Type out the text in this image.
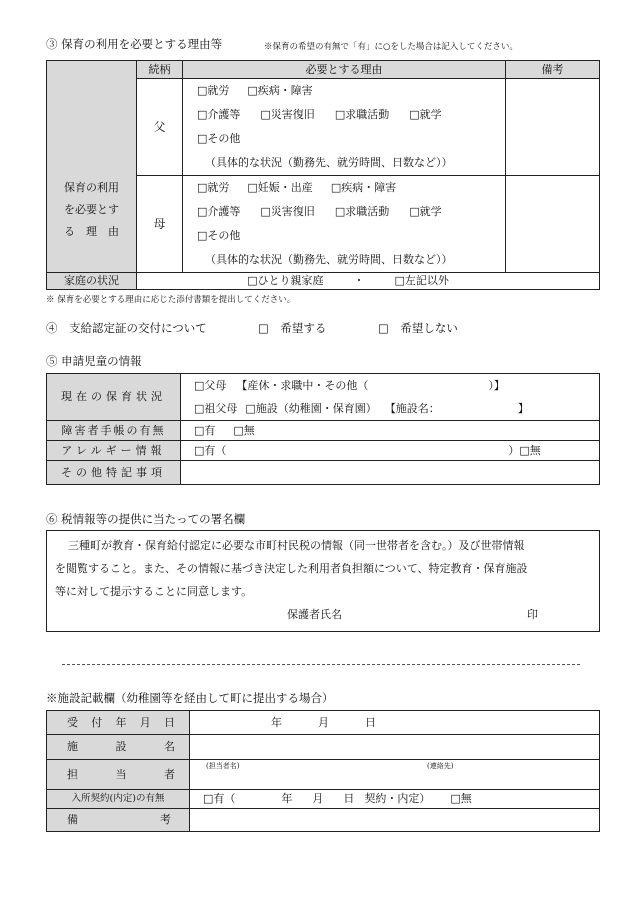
③ 保育の利用を必要とする理由等	※保育の希望の有無で「有」に○をした場合は記入してください。
保育の利用
を必要とす
る　理　由	続柄	必要とする理由	備考
	父	□就労 □疾病・障害
□介護等 □災害復旧 □求職活動 □就学
□その他
（具体的な状況（勤務先、就労時間、日数など））	

	母	□就労 □妊娠・出産 □疾病・障害
□介護等 □災害復旧 □求職活動 □就学
□その他
（具体的な状況（勤務先、就労時間、日数など））	

家庭の状況	□ひとり親家庭 ・ □左記以外		
※ 保育を必要とする理由に応じた添付書類を提出してください。
④　支給認定証の交付について	□　希望する	□　希望しない
⑤ 申請児童の情報
現在の保育状況	□父母 【産休・求職中・その他（ ）】
□祖父母 □施設（幼稚園・保育園） 【施設名： 】

障害者手帳の有無	□有 □無
アレルギー情報	□有（ ）□無
その他特記事項	
⑥ 税情報等の提供に当たっての署名欄
三種町が教育・保育給付認定に必要な市町村民税の情報（同一世帯者を含む。）及び世帯情報
を閲覧すること。また、その情報に基づき決定した利用者負担額について、特定教育・保育施設
等に対して提示することに同意します。
保護者氏名	印
※施設記載欄（幼稚園等を経由して町に提出する場合）
受 付 年 月 日	年 月 日

施 設 名	

担 当 者	(担当者名) (連絡先)

入所契約(内定)の有無	□有（ 年 月 日 契約・内定） □無

備 考	
